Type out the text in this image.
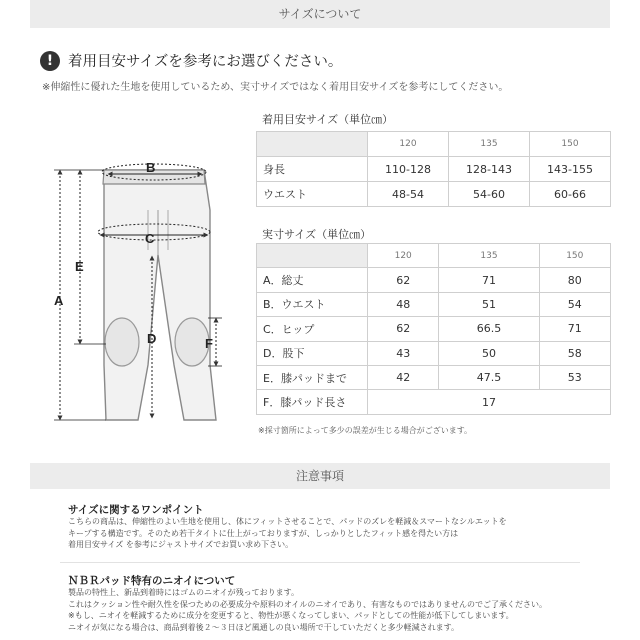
サイズについて
!	着用目安サイズを参考にお選びください。
※伸縮性に優れた生地を使用しているため、実寸サイズではなく着用目安サイズを参考にしてください。
A
B
C
D
E
F
着用目安サイズ（単位㎝）
	120	135	150
身長	110-128	128-143	143-155
ウエスト	48-54	54-60	60-66
実寸サイズ（単位㎝）
	120	135	150
A．総丈	62	71	80
B．ウエスト	48	51	54
C．ヒップ	62	66.5	71
D．股下	43	50	58
E．膝パッドまで	42	47.5	53
F．膝パッド長さ	17		
※採寸箇所によって多少の誤差が生じる場合がございます。
注意事項
サイズに関するワンポイント
こちらの商品は、伸縮性のよい生地を使用し、体にフィットさせることで、パッドのズレを軽減＆スマートなシルエットを
キープする構造です。そのため若干タイトに仕上がっておりますが、しっかりとしたフィット感を得たい方は
着用目安サイズ を参考にジャストサイズでお買い求め下さい。
ＮＢＲパッド特有のニオイについて
製品の特性上、新品到着時にはゴムのニオイが残っております。
これはクッション性や耐久性を保つための必要成分や原料のオイルのニオイであり、有害なものではありませんのでご了承ください。
※もし、ニオイを軽減するために成分を変更すると、物性が悪くなってしまい、パッドとしての性能が低下してしまいます。
ニオイが気になる場合は、商品到着後２～３日ほど風通しの良い場所で干していただくと多少軽減されます。
